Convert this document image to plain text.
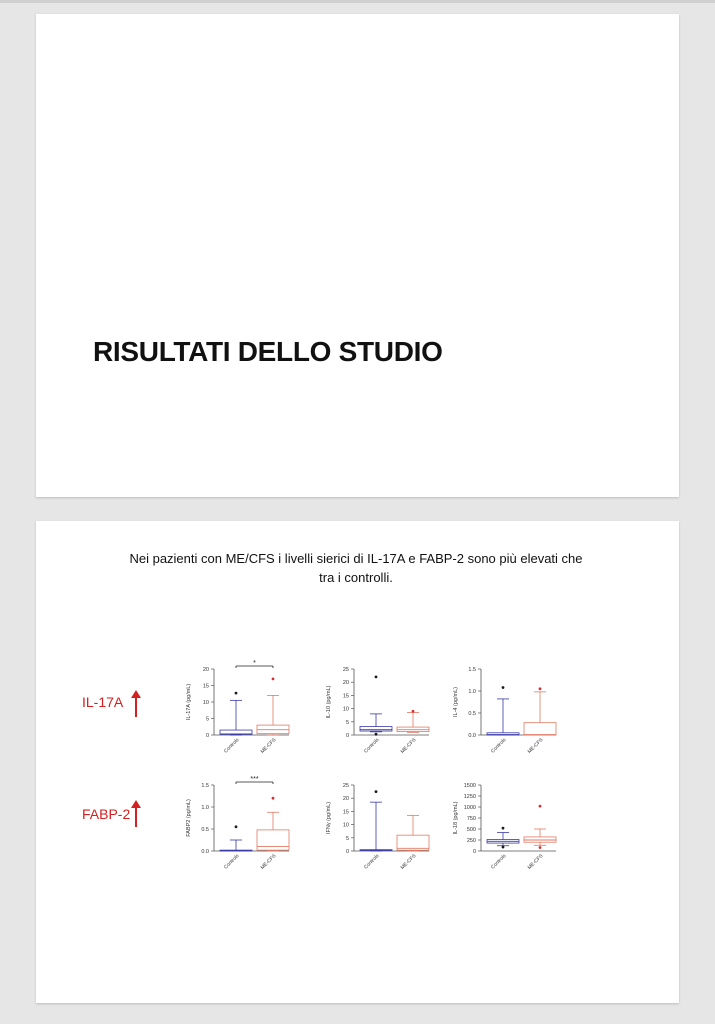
RISULTATI DELLO STUDIO
Nei pazienti con ME/CFS i livelli sierici di IL-17A e FABP-2 sono più elevati che
tra i controlli.
IL-17A
FABP-2
0
5
10
15
20
IL-17A (pg/mL)
Controls	ME-CFS
*
0
5
10
15
20
25
IL-10 (pg/mL)
Controls	ME-CFS
0.0
0.5
1.0
1.5
IL-4 (pg/mL)
Controls	ME-CFS
0.0
0.5
1.0
1.5
FABP2 (pg/mL)
Controls	ME-CFS
***
0
5
10
15
20
25
IFNγ (pg/mL)
Controls	ME-CFS
0
250
500
750
1000
1250
1500
IL-18 (pg/mL)
Controls	ME-CFS
